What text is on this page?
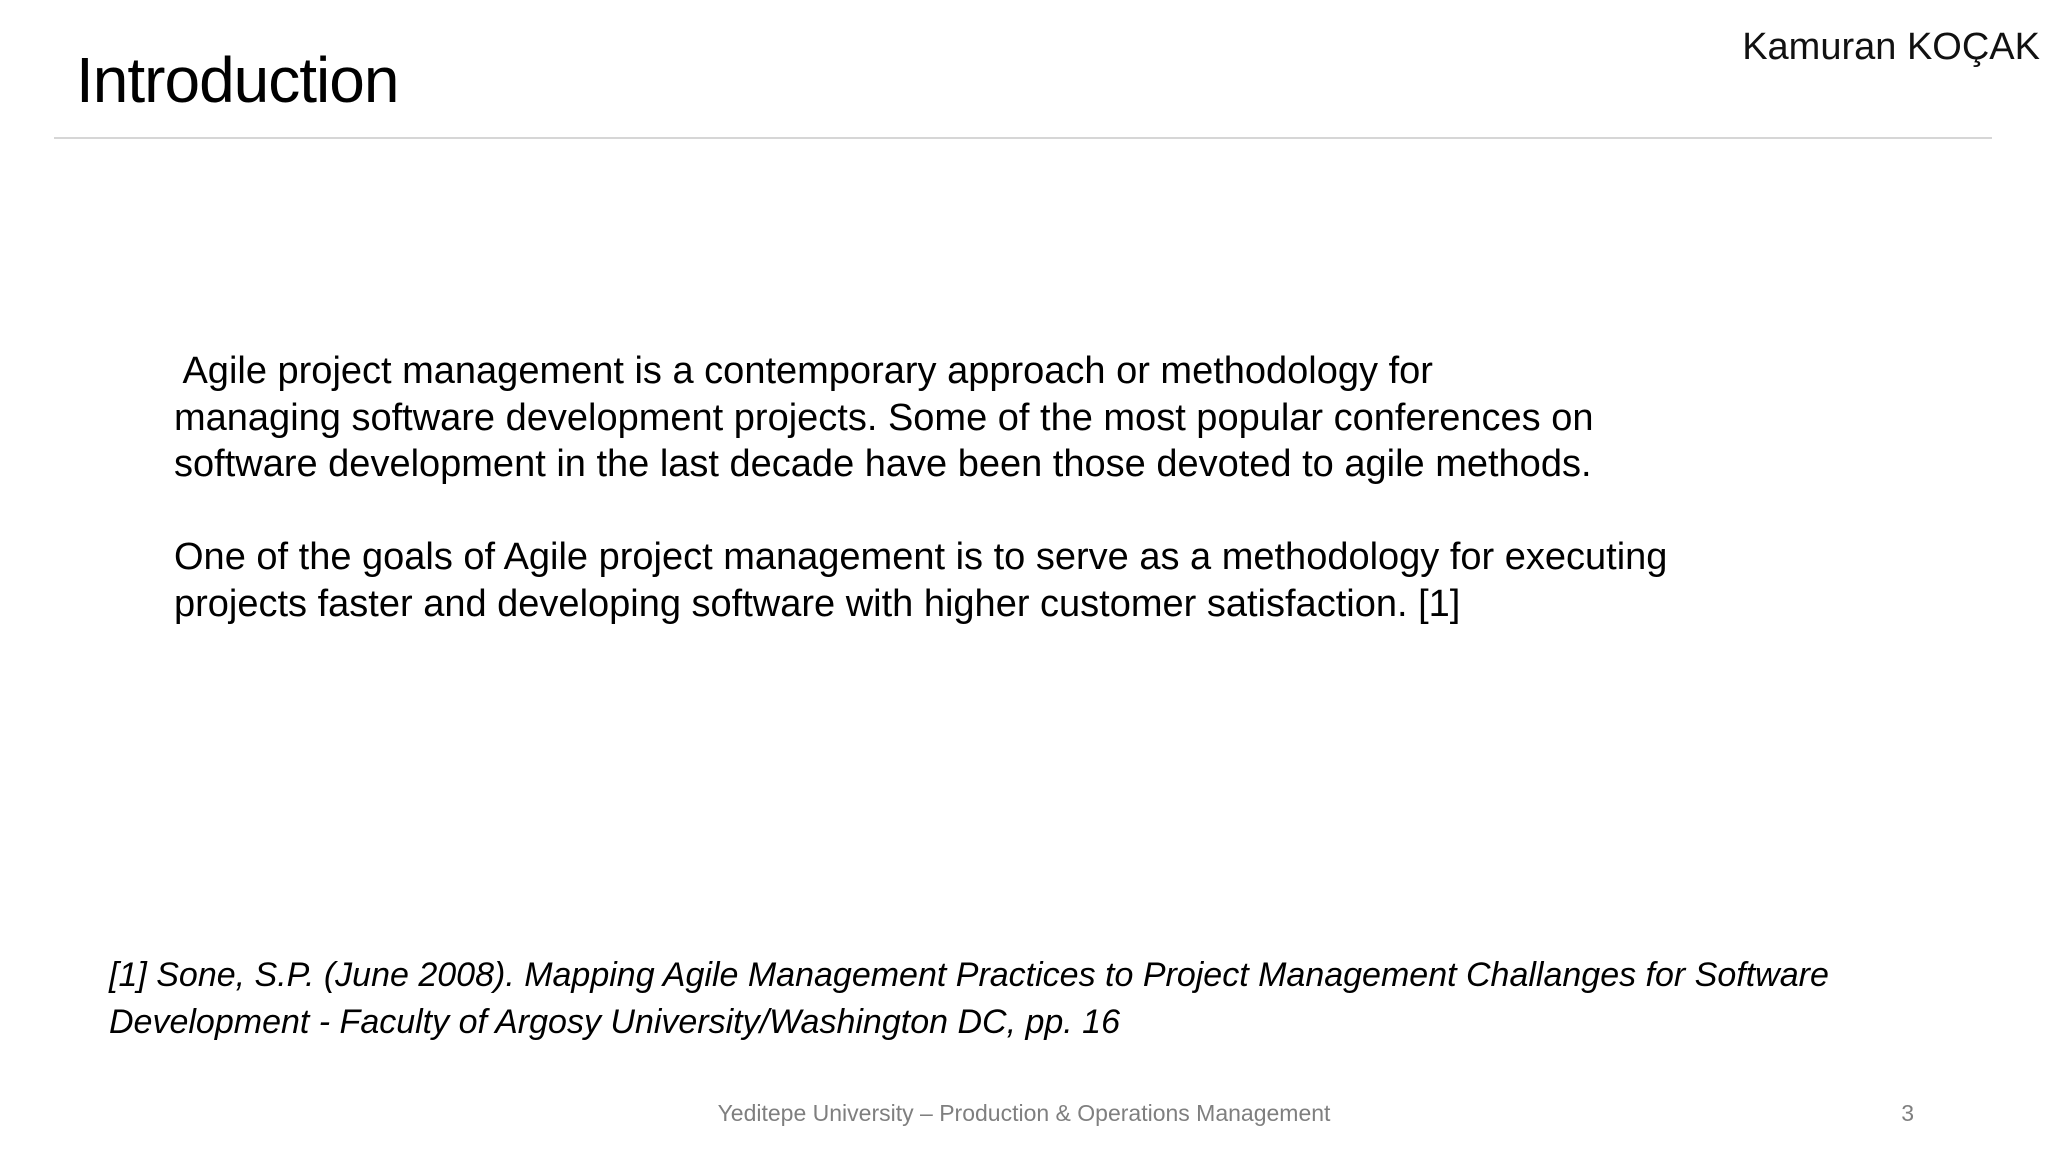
Introduction	Kamuran KOÇAK

Agile project management is a contemporary approach or methodology for

managing software development projects. Some of the most popular conferences on

software development in the last decade have been those devoted to agile methods.

One of the goals of Agile project management is to serve as a methodology for executing

projects faster and developing software with higher customer satisfaction. [1]

[1] Sone, S.P. (June 2008). Mapping Agile Management Practices to Project Management Challanges for Software

Development - Faculty of Argosy University/Washington DC, pp. 16

Yeditepe University – Production & Operations Management	3
